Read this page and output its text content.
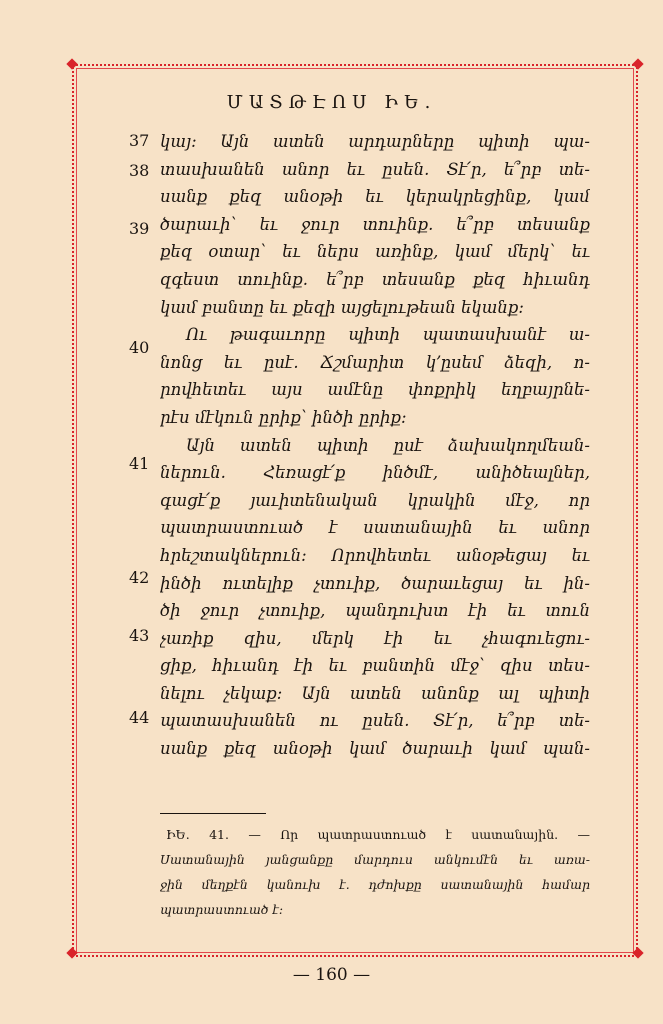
ՄԱՏԹԷՈՍ ԻԵ.
37
38
39
40
41
42
43
44
կայ: Այն ատեն արդարները պիտի պա-
տասխանեն անոր եւ ըսեն. Տէ՛ր, ե՞րբ տե-
սանք քեզ անօթի եւ կերակրեցինք, կամ
ծարաւի՝ եւ ջուր տուինք. ե՞րբ տեսանք
քեզ օտար՝ եւ ներս առինք, կամ մերկ՝ եւ
զգեստ տուինք. ե՞րբ տեսանք քեզ հիւանդ
կամ բանտը եւ քեզի այցելութեան եկանք:
Ու թագաւորը պիտի պատասխանէ ա-
նոնց եւ ըսէ. Ճշմարիտ կ՚ըսեմ ձեզի, ո-
րովհետեւ այս ամէնը փոքրիկ եղբայրնե-
րէս մէկուն ըրիք՝ ինծի ըրիք:
Այն ատեն պիտի ըսէ ձախակողմեան-
ներուն. Հեռացէ՛ք ինծմէ, անիծեալներ,
գացէ՛ք յաւիտենական կրակին մէջ, որ
պատրաստուած է սատանային եւ անոր
հրեշտակներուն: Որովհետեւ անօթեցայ եւ
ինծի ուտելիք չտուիք, ծարաւեցայ եւ ին-
ծի ջուր չտուիք, պանդուխտ էի եւ տուն
չառիք զիս, մերկ էի եւ չհագուեցու-
ցիք, հիւանդ էի եւ բանտին մէջ՝ զիս տես-
նելու չեկաք: Այն ատեն անոնք ալ պիտի
պատասխանեն ու ըսեն. Տէ՛ր, ե՞րբ տե-
սանք քեզ անօթի կամ ծարաւի կամ պան-
ԻԵ. 41. — Որ պատրաստուած է սատանային. —
Սատանային յանցանքը մարդուս անկումէն եւ առա-
ջին մեղքէն կանուխ է. դժոխքը սատանային համար
պատրաստուած է:
— 160 —
